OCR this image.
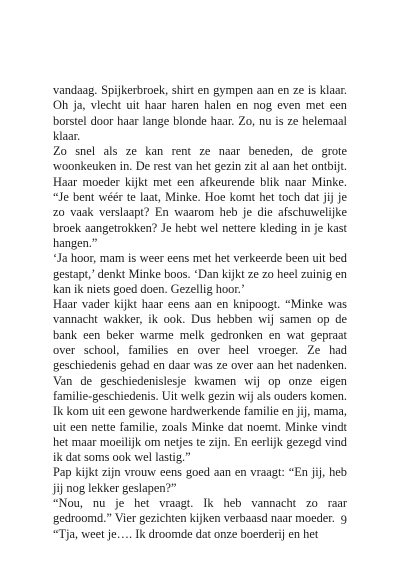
vandaag. Spijkerbroek, shirt en gympen aan en ze is klaar. Oh ja, vlecht uit haar haren halen en nog even met een borstel door haar lange blonde haar. Zo, nu is ze helemaal klaar.

Zo snel als ze kan rent ze naar beneden, de grote woonkeuken in. De rest van het gezin zit al aan het ontbijt. Haar moeder kijkt met een afkeurende blik naar Minke. “Je bent wéér te laat, Minke. Hoe komt het toch dat jij je zo vaak verslaapt? En waarom heb je die afschuwelijke broek aangetrokken? Je hebt wel nettere kleding in je kast hangen.”

‘Ja hoor, mam is weer eens met het verkeerde been uit bed gestapt,’ denkt Minke boos. ‘Dan kijkt ze zo heel zuinig en kan ik niets goed doen. Gezellig hoor.’

Haar vader kijkt haar eens aan en knipoogt. “Minke was vannacht wakker, ik ook. Dus hebben wij samen op de bank een beker warme melk gedronken en wat gepraat over school, families en over heel vroeger. Ze had geschiedenis gehad en daar was ze over aan het nadenken. Van de geschiedenislesje kwamen wij op onze eigen familie-geschiedenis. Uit welk gezin wij als ouders komen. Ik kom uit een gewone hardwerkende familie en jij, mama, uit een nette familie, zoals Minke dat noemt. Minke vindt het maar moeilijk om netjes te zijn. En eerlijk gezegd vind ik dat soms ook wel lastig.”

Pap kijkt zijn vrouw eens goed aan en vraagt: “En jij, heb jij nog lekker geslapen?”

“Nou, nu je het vraagt. Ik heb vannacht zo raar gedroomd.” Vier gezichten kijken verbaasd naar moeder.

“Tja, weet je…. Ik droomde dat onze boerderij en het

9
